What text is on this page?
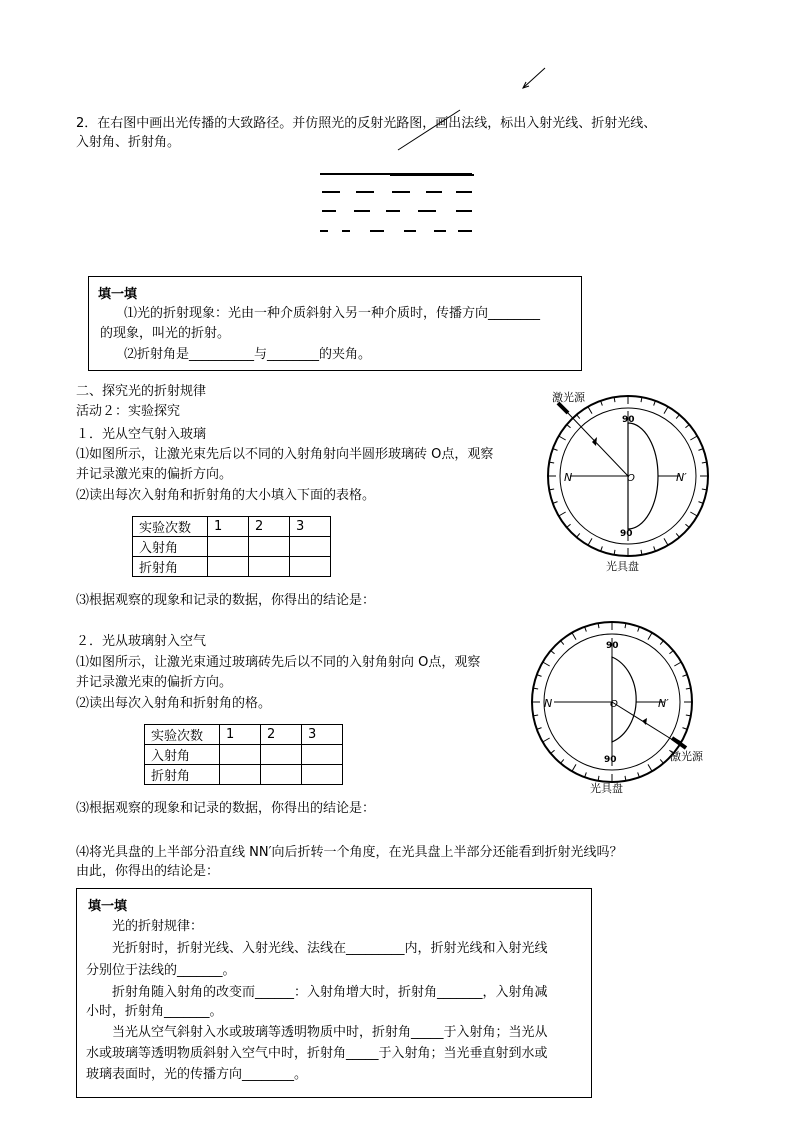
2．在右图中画出光传播的大致路径。并仿照光的反射光路图，画出法线，标出入射光线、折射光线、
入射角、折射角。
填一填
⑴光的折射现象：光由一种介质斜射入另一种介质时，传播方向________
的现象，叫光的折射。
⑵折射角是__________与________的夹角。
二、探究光的折射规律
活动２：实验探究
１．光从空气射入玻璃
⑴如图所示，让激光束先后以不同的入射角射向半圆形玻璃砖 O点，观察
并记录激光束的偏折方向。
⑵读出每次入射角和折射角的大小填入下面的表格。
实验次数	1	2	3
入射角			
折射角			
⑶根据观察的现象和记录的数据，你得出的结论是：
激光源
90
90
N	N′
O
光具盘
２．光从玻璃射入空气
⑴如图所示，让激光束通过玻璃砖先后以不同的入射角射向 O点，观察
并记录激光束的偏折方向。
⑵读出每次入射角和折射角的格。
实验次数	1	2	3
入射角			
折射角			
⑶根据观察的现象和记录的数据，你得出的结论是：
90
90
N	N′
O
激光源
光具盘
⑷将光具盘的上半部分沿直线 NN′向后折转一个角度，在光具盘上半部分还能看到折射光线吗？
由此，你得出的结论是：
填一填
光的折射规律：
光折射时，折射光线、入射光线、法线在_________内，折射光线和入射光线
分别位于法线的_______。
折射角随入射角的改变而______：入射角增大时，折射角_______，入射角减
小时，折射角_______。
当光从空气斜射入水或玻璃等透明物质中时，折射角_____于入射角；当光从
水或玻璃等透明物质斜射入空气中时，折射角_____于入射角；当光垂直射到水或
玻璃表面时，光的传播方向________。
